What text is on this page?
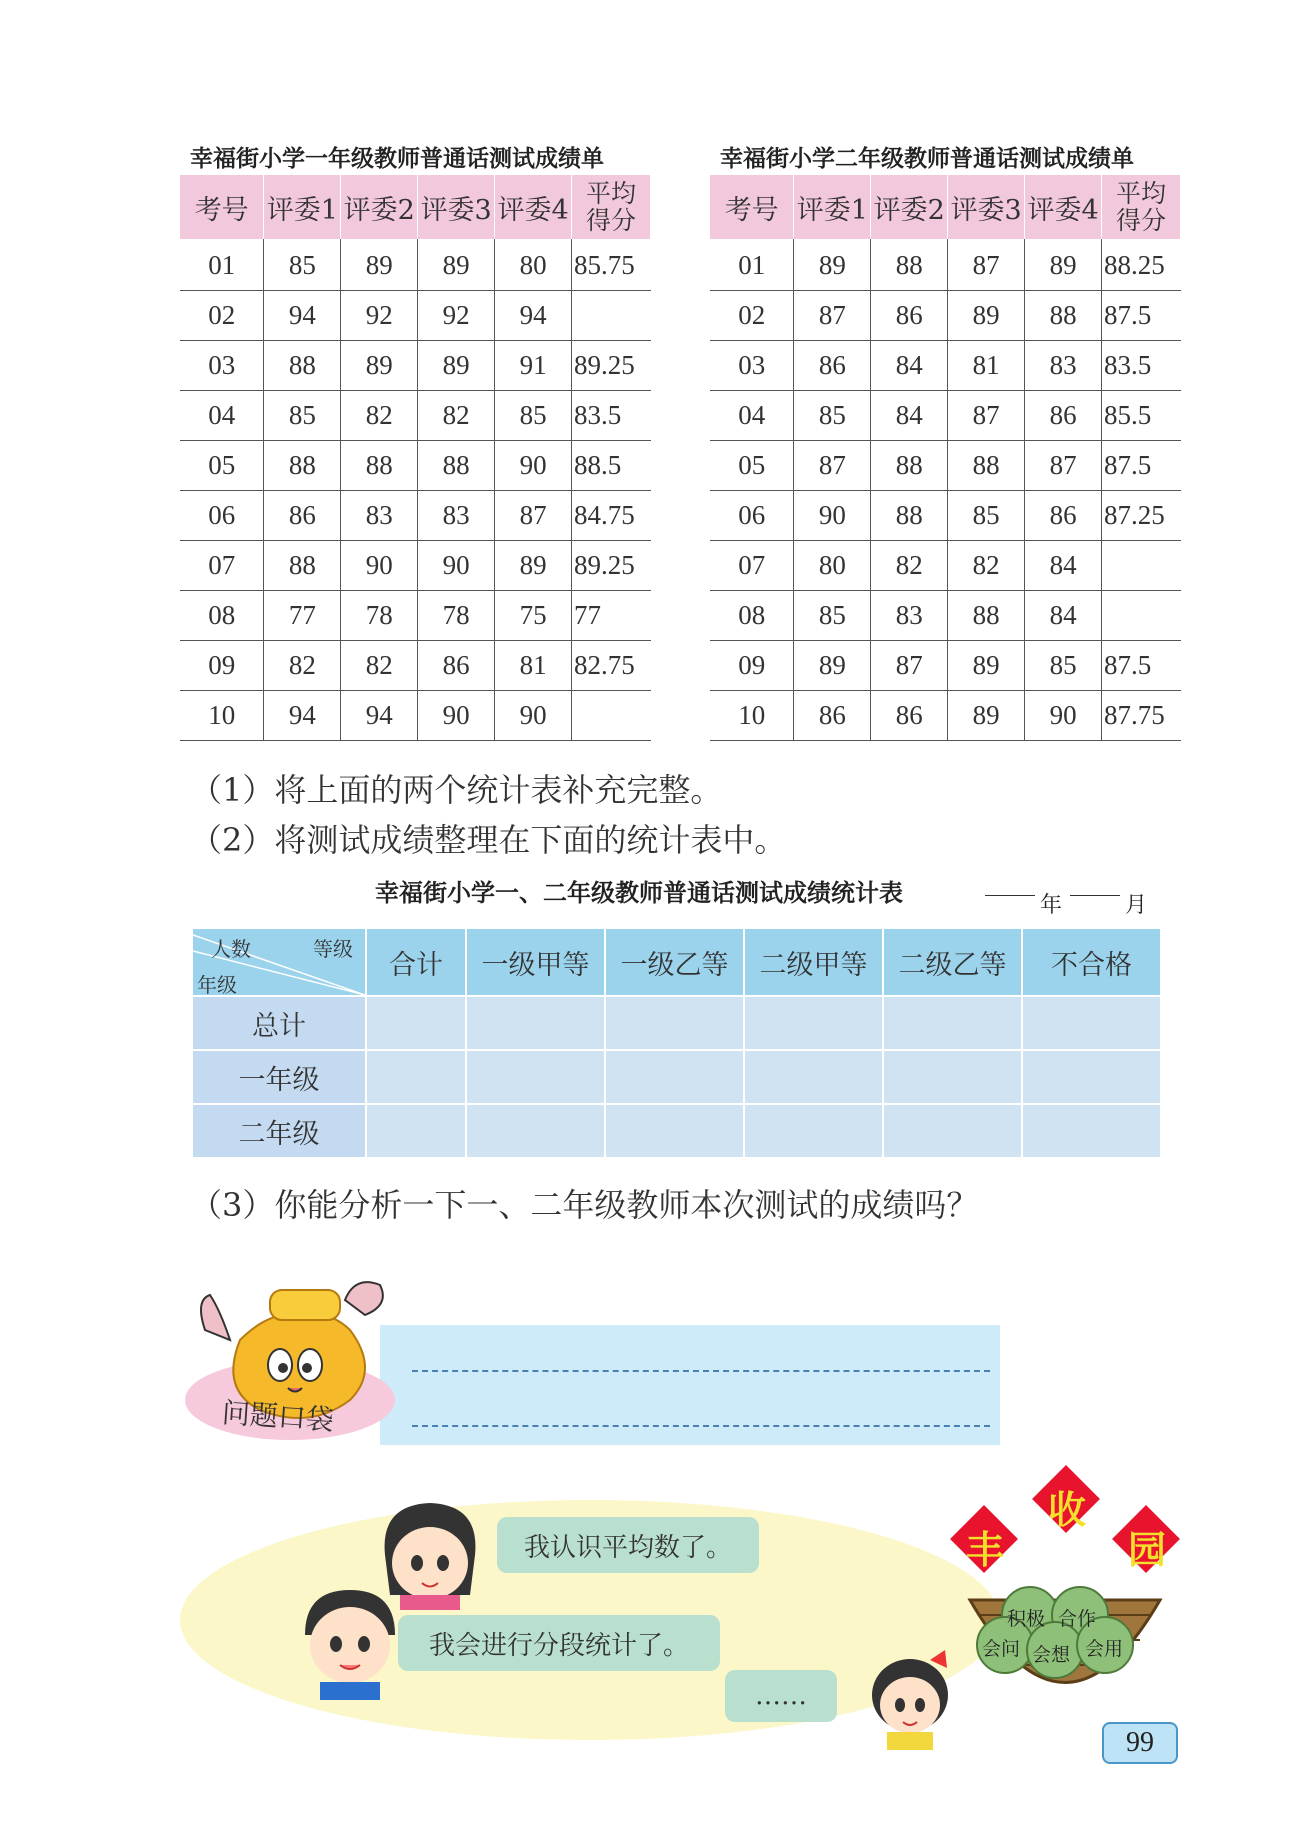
幸福街小学一年级教师普通话测试成绩单
考号	评委1	评委2	评委3	评委4	平均
得分
01	85	89	89	80	85.75
02	94	92	92	94	
03	88	89	89	91	89.25
04	85	82	82	85	83.5
05	88	88	88	90	88.5
06	86	83	83	87	84.75
07	88	90	90	89	89.25
08	77	78	78	75	77
09	82	82	86	81	82.75
10	94	94	90	90	
幸福街小学二年级教师普通话测试成绩单
考号	评委1	评委2	评委3	评委4	平均
得分
01	89	88	87	89	88.25
02	87	86	89	88	87.5
03	86	84	81	83	83.5
04	85	84	87	86	85.5
05	87	88	88	87	87.5
06	90	88	85	86	87.25
07	80	82	82	84	
08	85	83	88	84	
09	89	87	89	85	87.5
10	86	86	89	90	87.75
（1）将上面的两个统计表补充完整。
（2）将测试成绩整理在下面的统计表中。
幸福街小学一、二年级教师普通话测试成绩统计表	年	月
人数 等级
年级	合计	一级甲等	一级乙等	二级甲等	二级乙等	不合格
总计						
一年级						
二年级						
（3）你能分析一下一、二年级教师本次测试的成绩吗？
问题口袋
我认识平均数了。
我会进行分段统计了。
……
丰
收
园
积极 合作
会问 会想 会用
99
